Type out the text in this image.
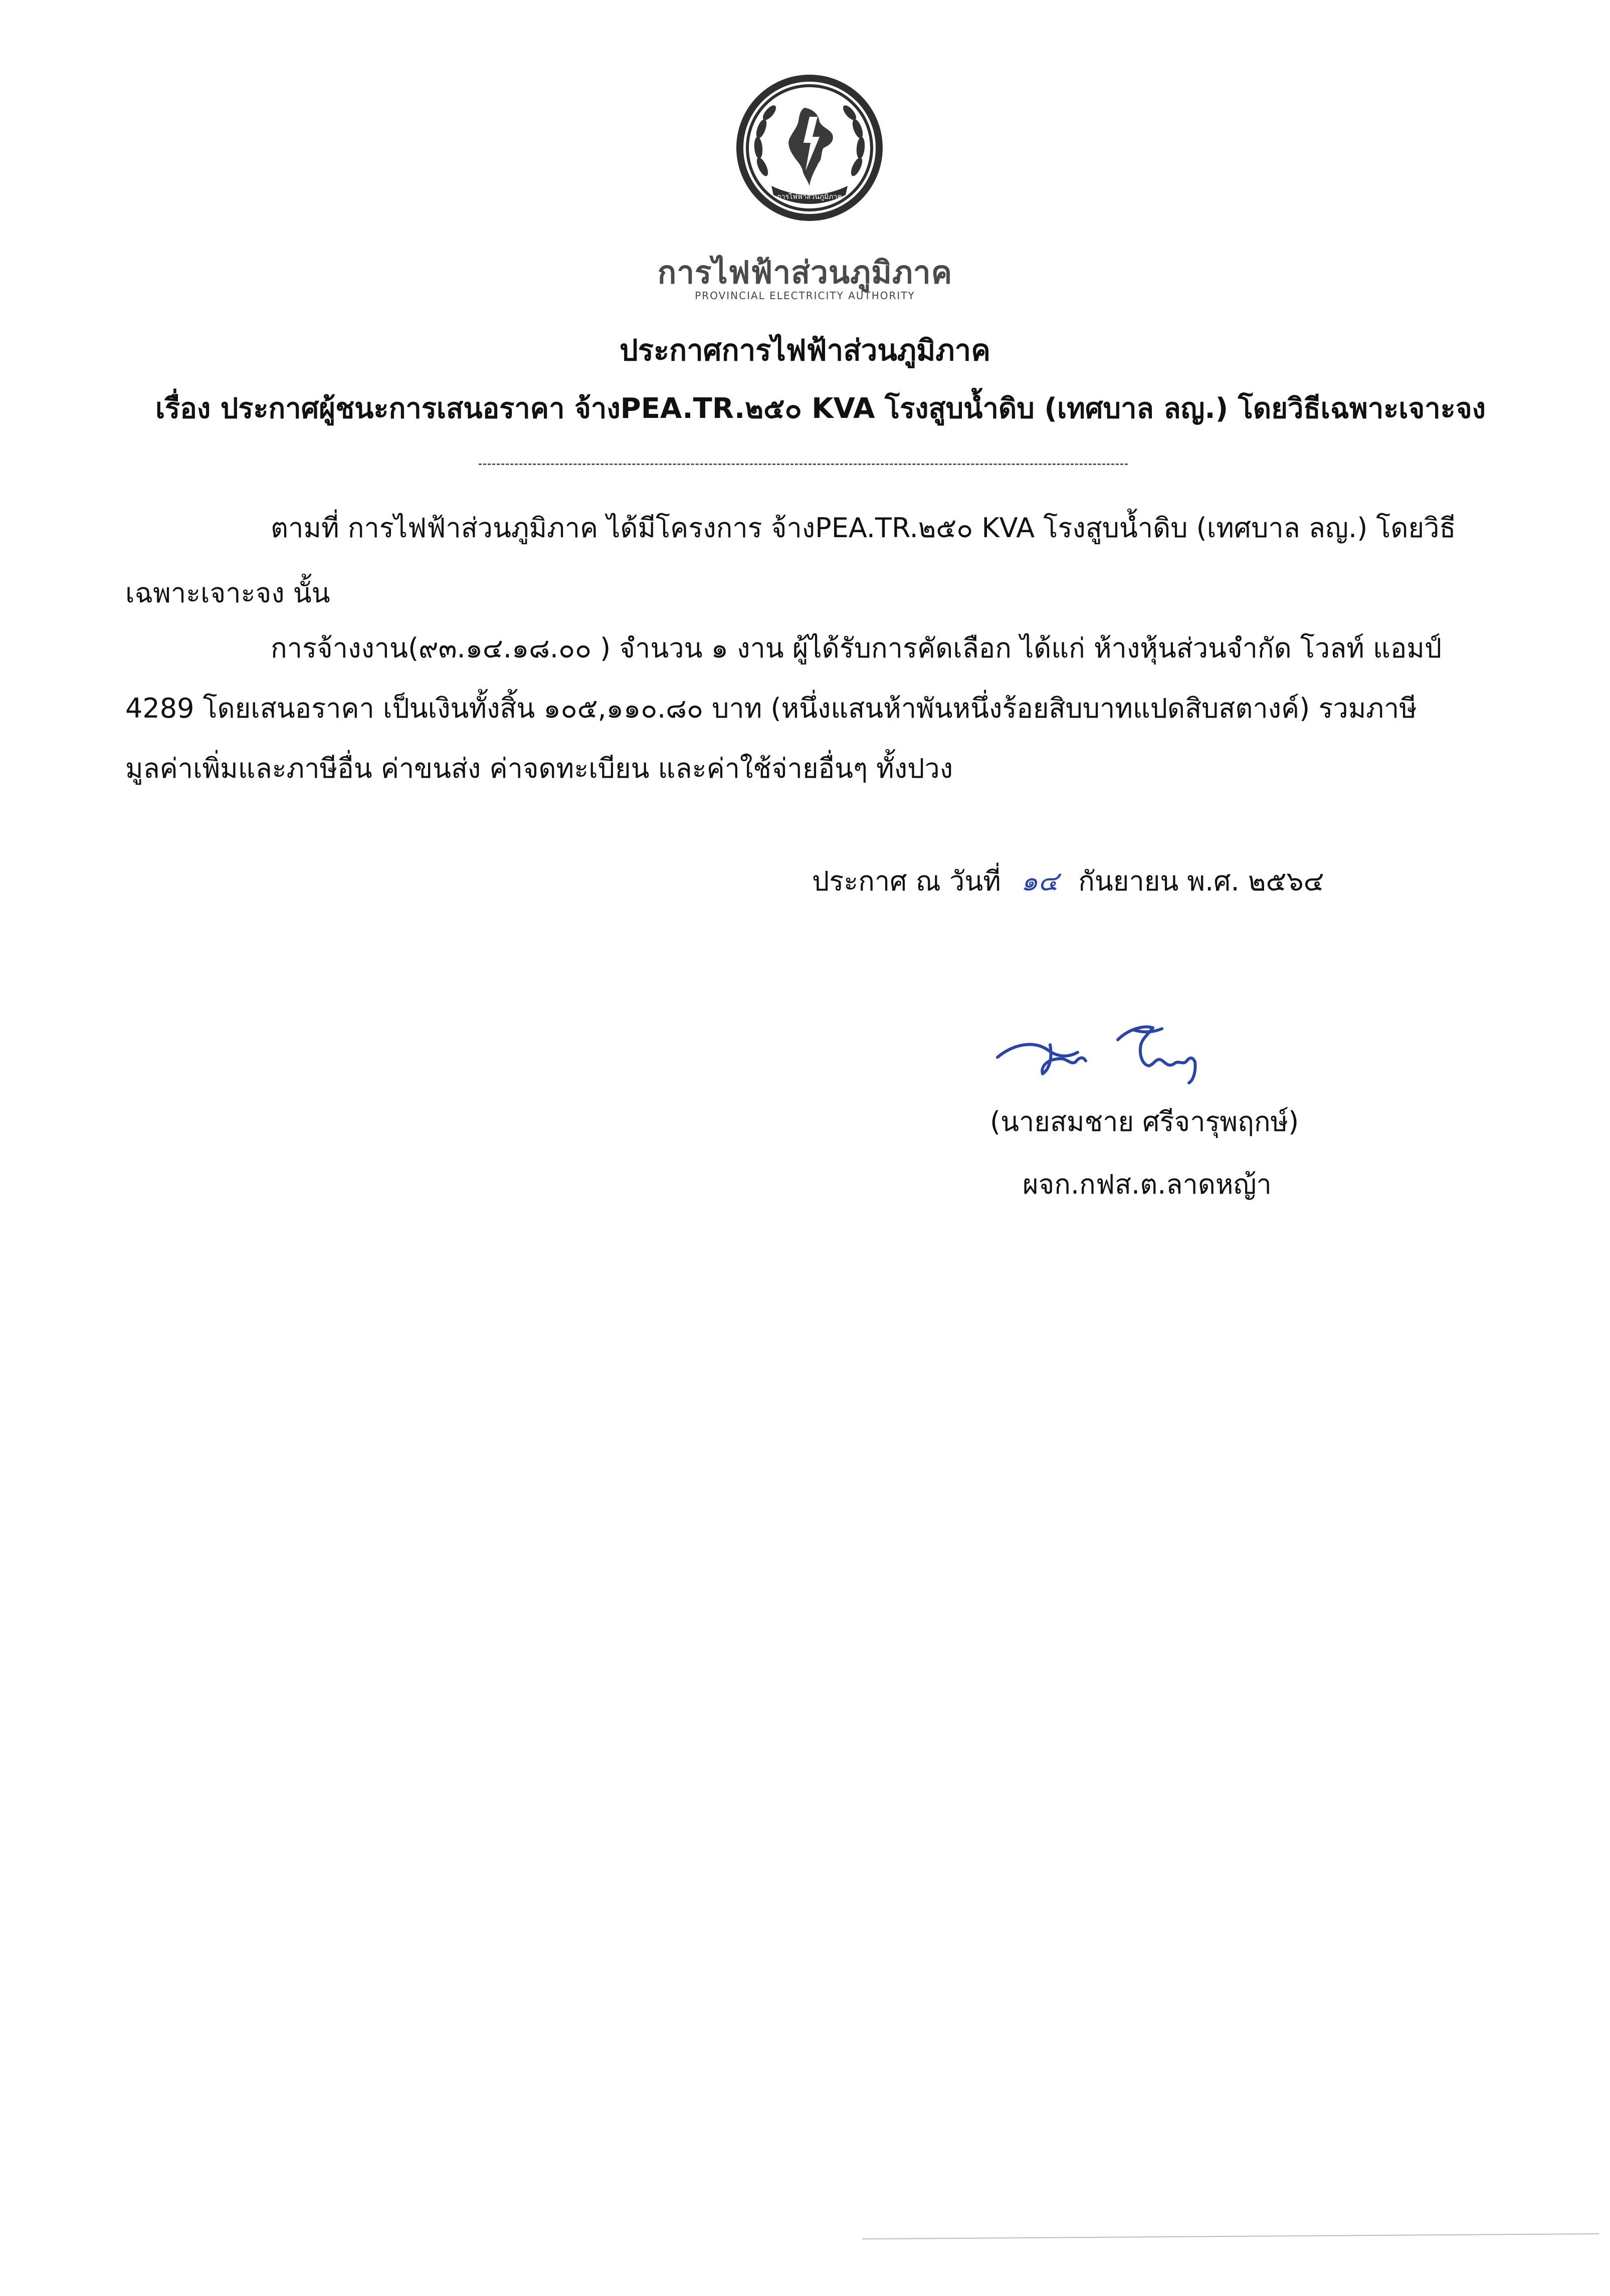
การไฟฟ้าส่วนภูมิภาค
การไฟฟ้าส่วนภูมิภาค
PROVINCIAL ELECTRICITY AUTHORITY
ประกาศการไฟฟ้าส่วนภูมิภาค
เรื่อง ประกาศผู้ชนะการเสนอราคา จ้างPEA.TR.๒๕๐ KVA โรงสูบน้ำดิบ (เทศบาล ลญ.) โดยวิธีเฉพาะเจาะจง
ตามที่ การไฟฟ้าส่วนภูมิภาค ได้มีโครงการ จ้างPEA.TR.๒๕๐ KVA โรงสูบน้ำดิบ (เทศบาล ลญ.) โดยวิธี
เฉพาะเจาะจง นั้น
การจ้างงาน(๙๓.๑๔.๑๘.๐๐ ) จำนวน ๑ งาน ผู้ได้รับการคัดเลือก ได้แก่ ห้างหุ้นส่วนจำกัด โวลท์ แอมป์
4289 โดยเสนอราคา เป็นเงินทั้งสิ้น ๑๐๕,๑๑๐.๘๐ บาท (หนึ่งแสนห้าพันหนึ่งร้อยสิบบาทแปดสิบสตางค์) รวมภาษี
มูลค่าเพิ่มและภาษีอื่น ค่าขนส่ง ค่าจดทะเบียน และค่าใช้จ่ายอื่นๆ ทั้งปวง
ประกาศ ณ วันที่ ๑๔ กันยายน พ.ศ. ๒๕๖๔
(นายสมชาย ศรีจารุพฤกษ์)
ผจก.กฟส.ต.ลาดหญ้า
